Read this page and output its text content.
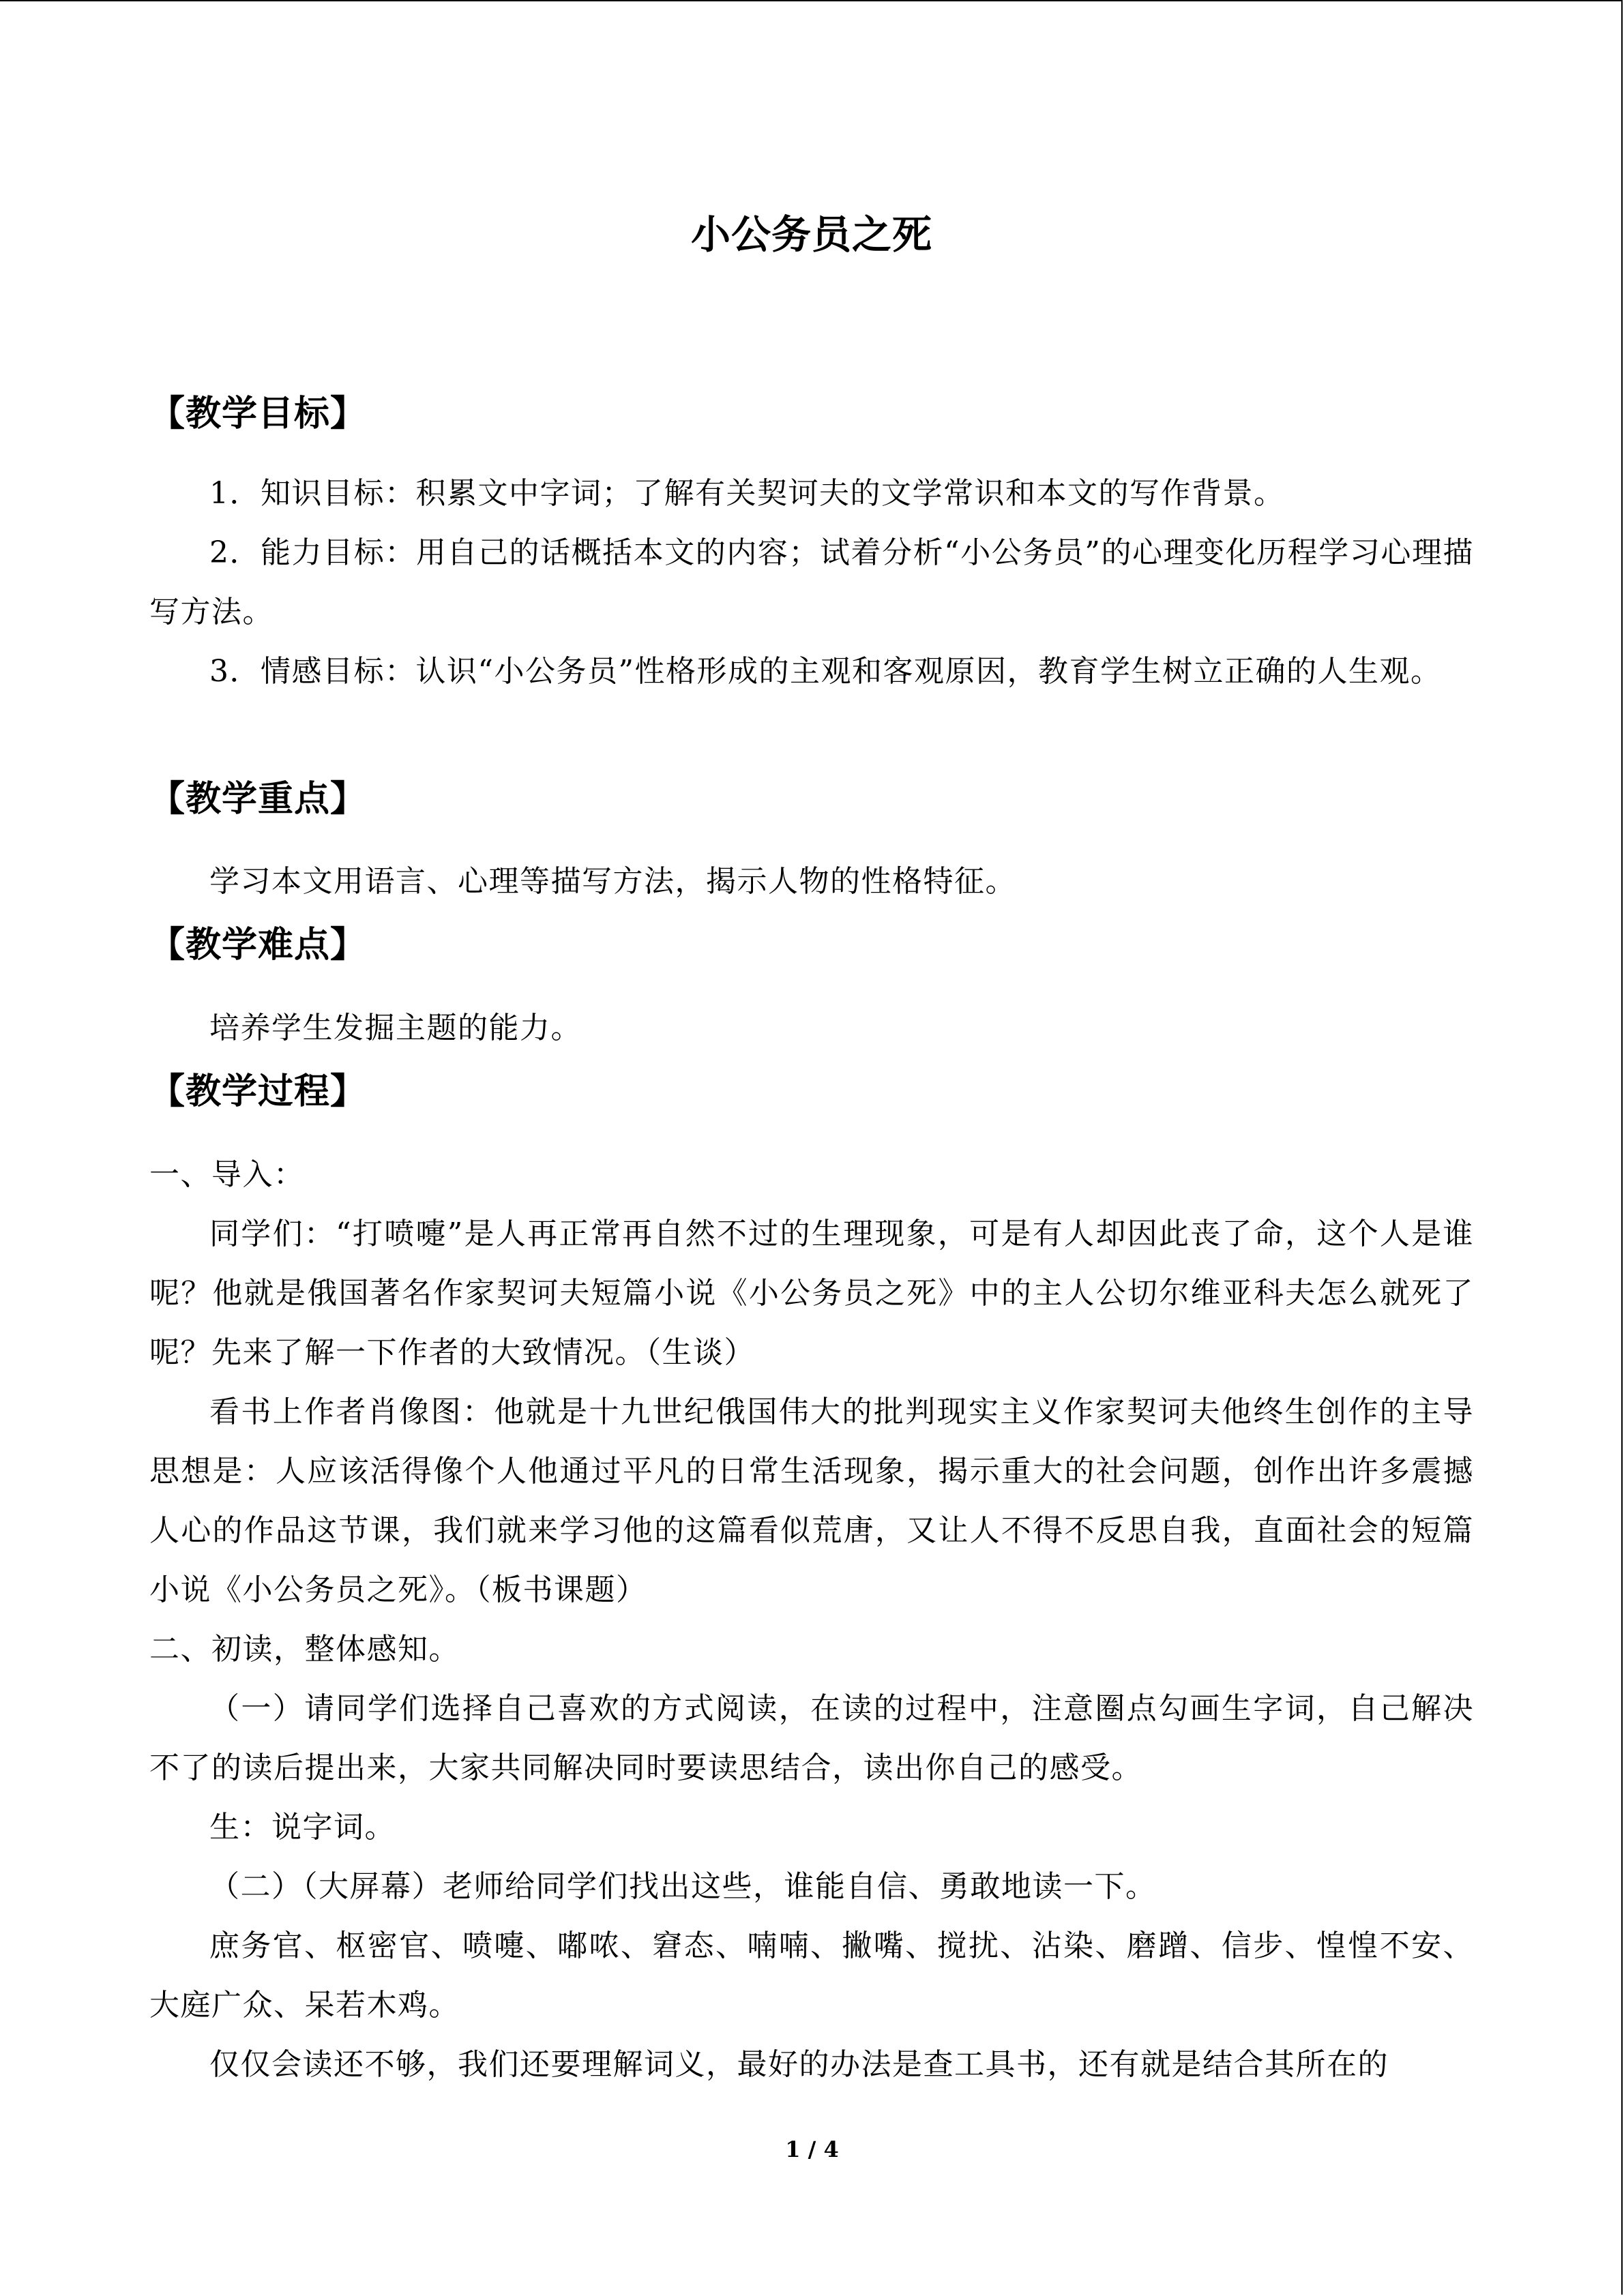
小公务员之死
【教学目标】
1．知识目标：积累文中字词；了解有关契诃夫的文学常识和本文的写作背景。
2．能力目标：用自己的话概括本文的内容；试着分析“小公务员”的心理变化历程学习心理描写方法。
3．情感目标：认识“小公务员”性格形成的主观和客观原因，教育学生树立正确的人生观。
【教学重点】
学习本文用语言、心理等描写方法，揭示人物的性格特征。
【教学难点】
培养学生发掘主题的能力。
【教学过程】
一、导入：
同学们：“打喷嚏”是人再正常再自然不过的生理现象，可是有人却因此丧了命，这个人是谁呢？他就是俄国著名作家契诃夫短篇小说《小公务员之死》中的主人公切尔维亚科夫怎么就死了呢？先来了解一下作者的大致情况。（生谈）
看书上作者肖像图：他就是十九世纪俄国伟大的批判现实主义作家契诃夫他终生创作的主导思想是：人应该活得像个人他通过平凡的日常生活现象，揭示重大的社会问题，创作出许多震撼人心的作品这节课，我们就来学习他的这篇看似荒唐，又让人不得不反思自我，直面社会的短篇小说《小公务员之死》。（板书课题）
二、初读，整体感知。
（一）请同学们选择自己喜欢的方式阅读，在读的过程中，注意圈点勾画生字词，自己解决不了的读后提出来，大家共同解决同时要读思结合，读出你自己的感受。
生：说字词。
（二）（大屏幕）老师给同学们找出这些，谁能自信、勇敢地读一下。
庶务官、枢密官、喷嚏、嘟哝、窘态、喃喃、撇嘴、搅扰、沾染、磨蹭、信步、惶惶不安、大庭广众、呆若木鸡。
仅仅会读还不够，我们还要理解词义，最好的办法是查工具书，还有就是结合其所在的
1 / 4
